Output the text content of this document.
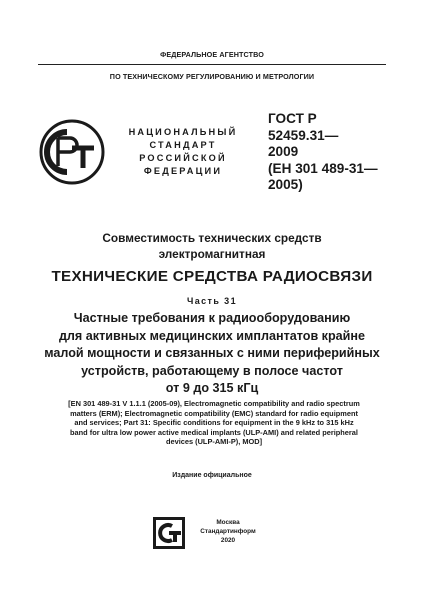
ФЕДЕРАЛЬНОЕ АГЕНТСТВО
ПО ТЕХНИЧЕСКОМУ РЕГУЛИРОВАНИЮ И МЕТРОЛОГИИ
НАЦИОНАЛЬНЫЙ
СТАНДАРТ
РОССИЙСКОЙ
ФЕДЕРАЦИИ
ГОСТ Р
52459.31—
2009
(ЕН 301 489-31—
2005)
Совместимость технических средств
электромагнитная
ТЕХНИЧЕСКИЕ СРЕДСТВА РАДИОСВЯЗИ
Часть 31
Частные требования к радиооборудованию
для активных медицинских имплантатов крайне
малой мощности и связанных с ними периферийных
устройств, работающему в полосе частот
от 9 до 315 кГц
[EN 301 489-31 V 1.1.1 (2005-09), Electromagnetic compatibility and radio spectrum
matters (ERM); Electromagnetic compatibility (EMC) standard for radio equipment
and services; Part 31: Specific conditions for equipment in the 9 kHz to 315 kHz
band for ultra low power active medical implants (ULP-AMI) and related peripheral
devices (ULP-AMI-P), MOD]
Издание официальное
Москва
Стандартинформ
2020
